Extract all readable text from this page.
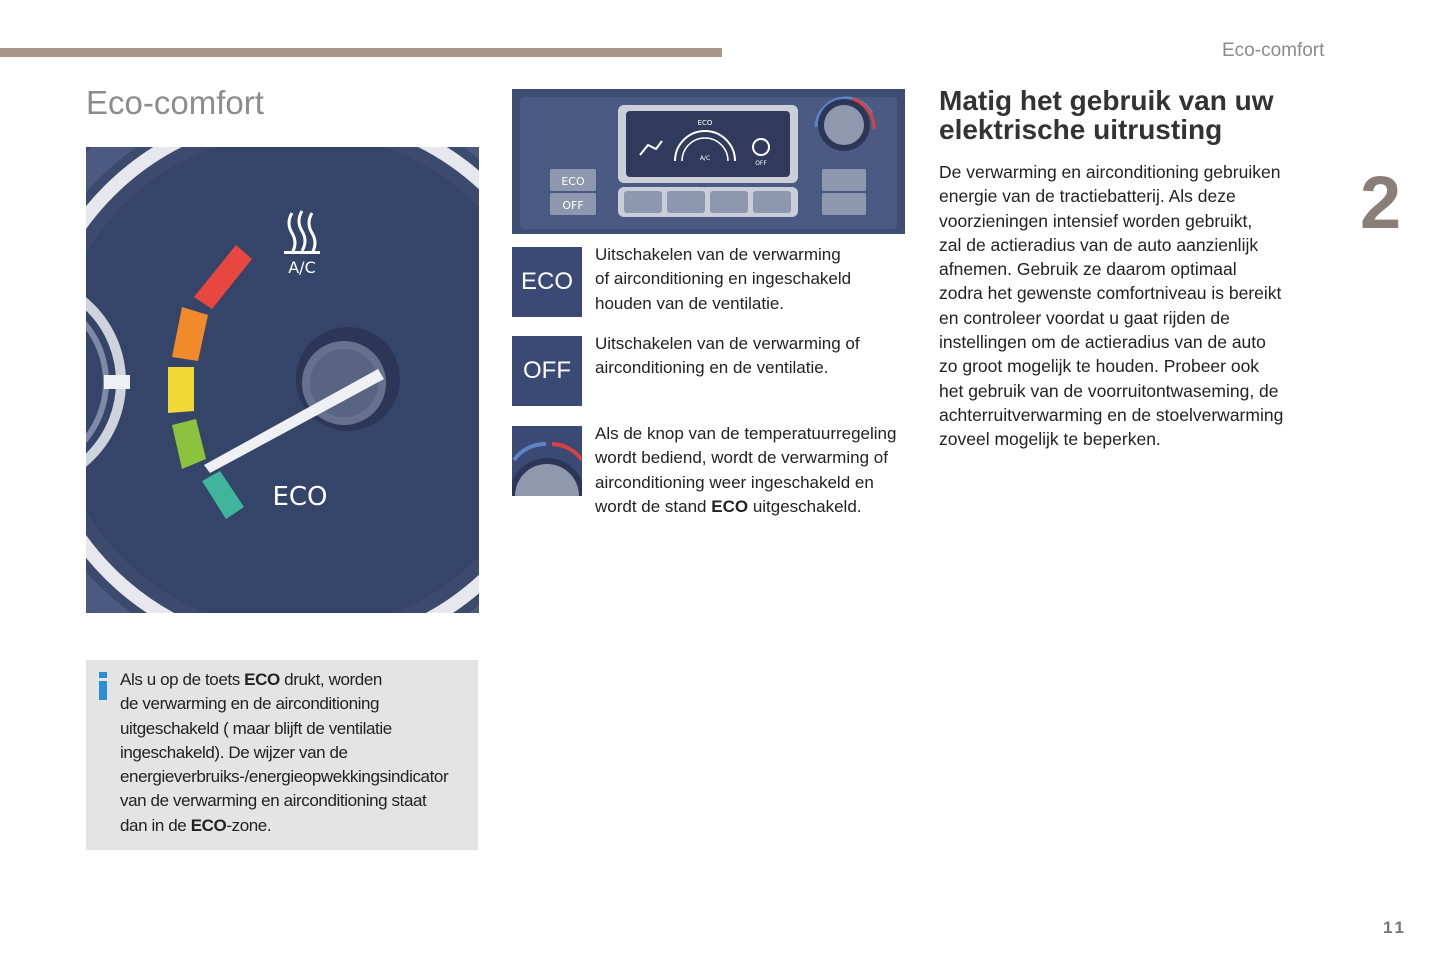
Eco-comfort
2
Eco-comfort
A/C
ECO
ECO
A/C
OFF
ECO
OFF
ECO
Uitschakelen van de verwarming
of airconditioning en ingeschakeld
houden van de ventilatie.
OFF
Uitschakelen van de verwarming of
airconditioning en de ventilatie.
Als de knop van de temperatuurregeling
wordt bediend, wordt de verwarming of
airconditioning weer ingeschakeld en
wordt de stand ECO uitgeschakeld.
Matig het gebruik van uw
elektrische uitrusting
De verwarming en airconditioning gebruiken
energie van de tractiebatterij. Als deze
voorzieningen intensief worden gebruikt,
zal de actieradius van de auto aanzienlijk
afnemen. Gebruik ze daarom optimaal
zodra het gewenste comfortniveau is bereikt
en controleer voordat u gaat rijden de
instellingen om de actieradius van de auto
zo groot mogelijk te houden. Probeer ook
het gebruik van de voorruitontwaseming, de
achterruitverwarming en de stoelverwarming
zoveel mogelijk te beperken.
Als u op de toets ECO drukt, worden
de verwarming en de airconditioning
uitgeschakeld ( maar blijft de ventilatie
ingeschakeld). De wijzer van de
energieverbruiks-/energieopwekkingsindicator
van de verwarming en airconditioning staat
dan in de ECO-zone.
11
